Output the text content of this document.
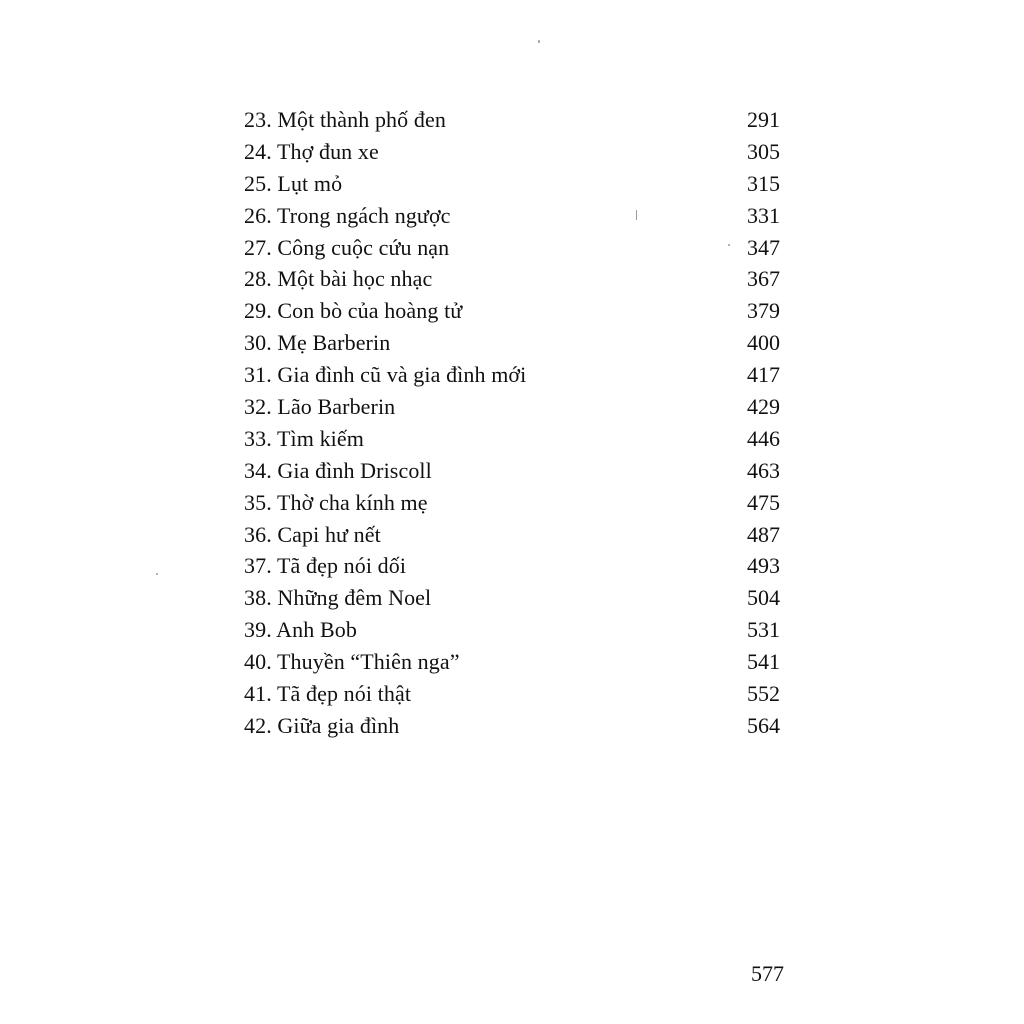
23. Một thành phố đen	291
24. Thợ đun xe	305
25. Lụt mỏ	315
26. Trong ngách ngược	331
27. Công cuộc cứu nạn	347
28. Một bài học nhạc	367
29. Con bò của hoàng tử	379
30. Mẹ Barberin	400
31. Gia đình cũ và gia đình mới	417
32. Lão Barberin	429
33. Tìm kiếm	446
34. Gia đình Driscoll	463
35. Thờ cha kính mẹ	475
36. Capi hư nết	487
37. Tã đẹp nói dối	493
38. Những đêm Noel	504
39. Anh Bob	531
40. Thuyền “Thiên nga”	541
41. Tã đẹp nói thật	552
42. Giữa gia đình	564
577
